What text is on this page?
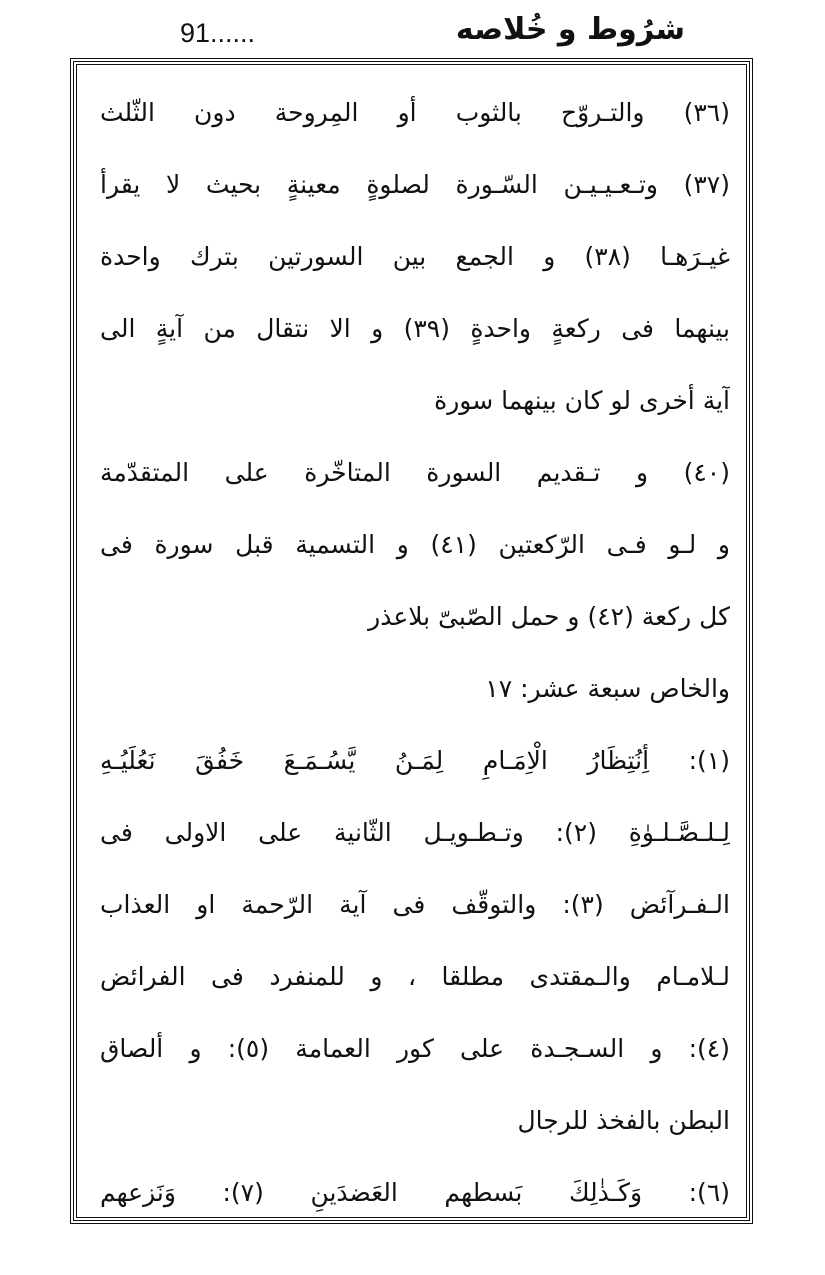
91......	شرُوط و خُلاصه
(٣٦) والتـروّح بالثوب أو المِروحة دون الثّلث
(٣٧) وتـعـيـيـن السّـورة لصلوةٍ معينةٍ بحيث لا يقرأ
غيـرَهـا (٣٨) و الجمع بين السورتين بترك واحدة
بينهما فى ركعةٍ واحدةٍ (٣٩) و الا نتقال من آيةٍ الى
آية أخرى لو كان بينهما سورة
(٤٠) و تـقديم السورة المتاخّرة على المتقدّمة
و لـو فـى الرّكعتين (٤١) و التسمية قبل سورة فى
كل ركعة (٤٢) و حمل الصّبىّ بلاعذر
والخاص سبعة عشر: ١٧
(١): أِنُتِظَارُ الْاِمَـامِ لِمَـنُ يَّسُـمَـعَ خَفُقَ نَعُلَيُـهِ
لِـلـصَّـلـوٰةِ (٢): وتـطـويـل الثّانية على الاولى فى
الـفـرآئض (٣): والتوقّف فى آية الرّحمة او العذاب
لـلامـام والـمقتدى مطلقا ، و للمنفرد فى الفرائض
(٤): و السـجـدة على كور العمامة (٥): و ألصاق
البطن بالفخذ للرجال
(٦): وَكَـذٰلِكَ بَسطهم العَضدَينِ (٧): وَنَزعهم
